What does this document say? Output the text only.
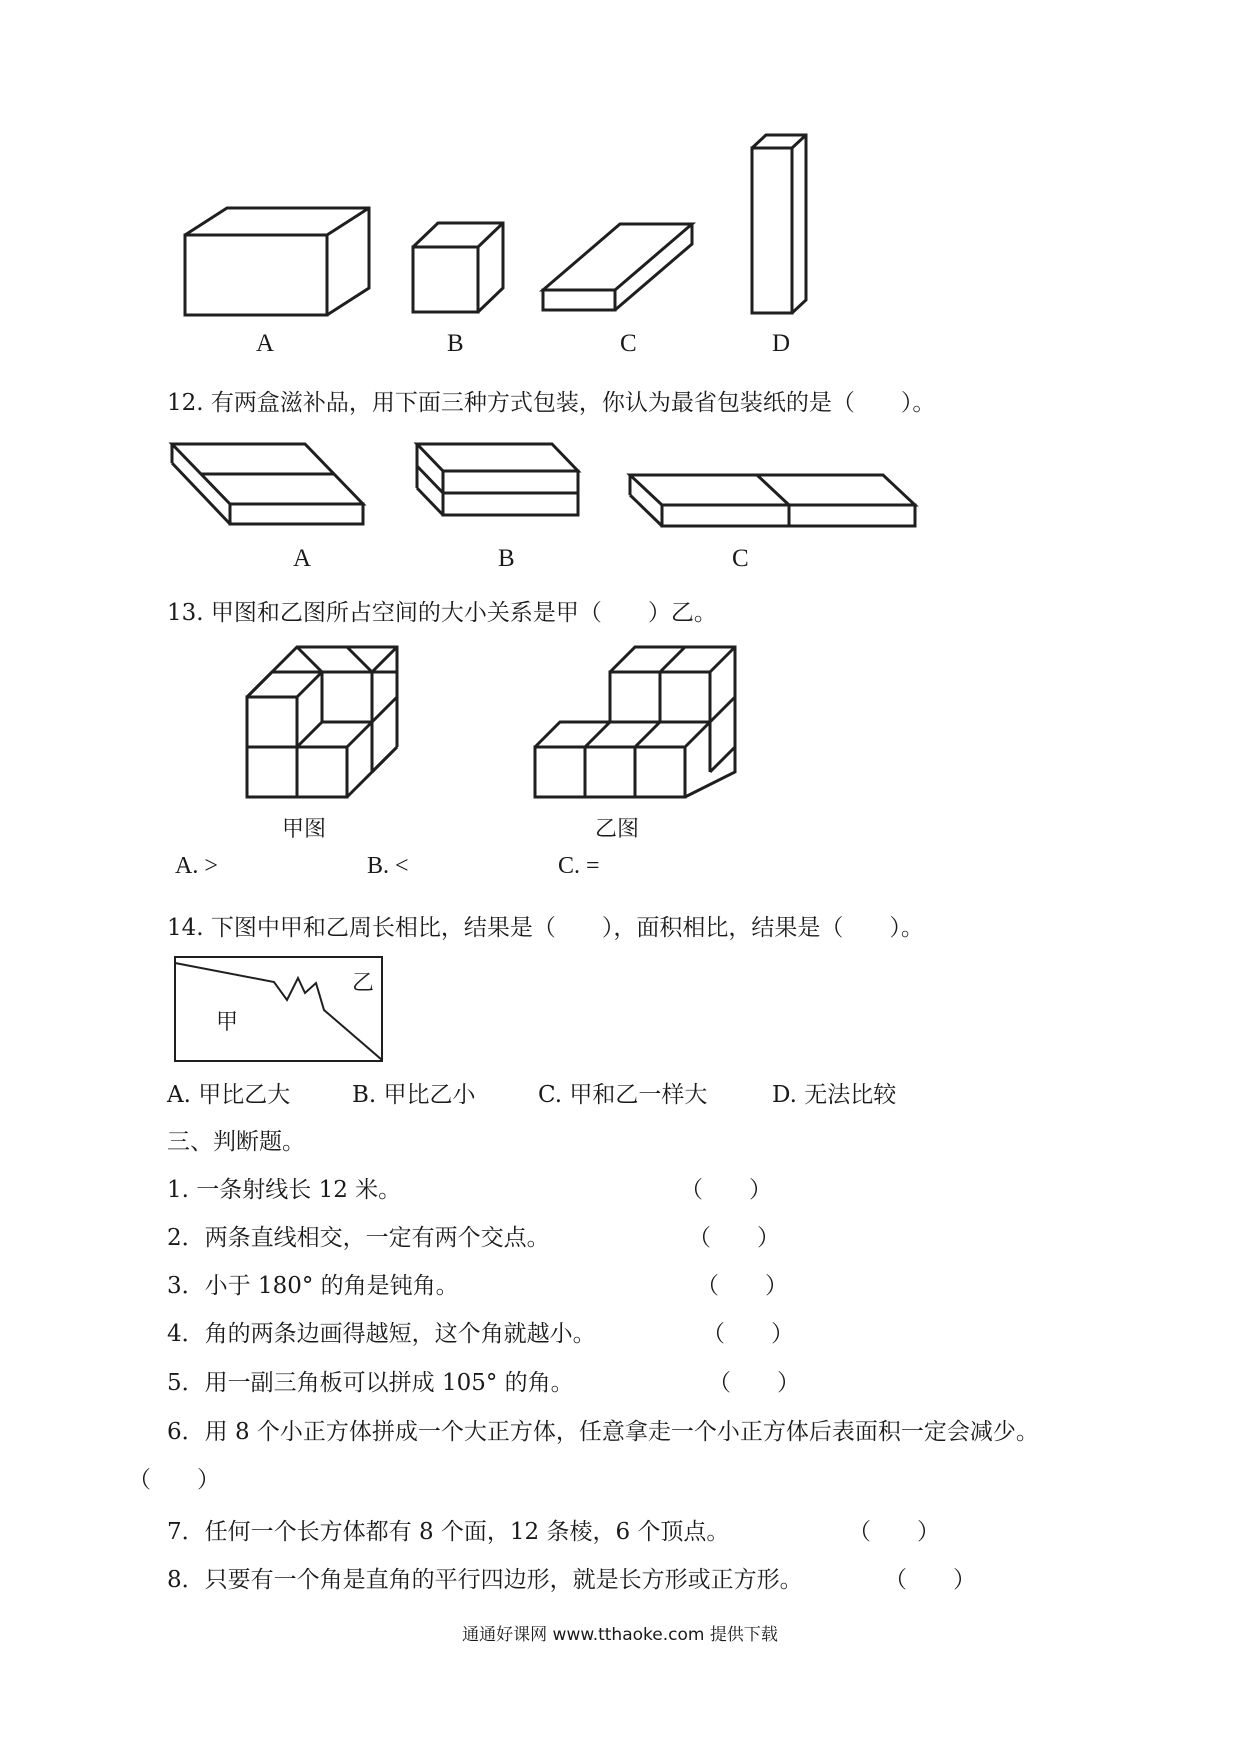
A	B	C	D
12. 有两盒滋补品，用下面三种方式包装，你认为最省包装纸的是（　　）。
A	B	C
13. 甲图和乙图所占空间的大小关系是甲（　　）乙。
甲图	乙图
A. >	B. <	C. =
14. 下图中甲和乙周长相比，结果是（　　），面积相比，结果是（　　）。
甲
乙
A. 甲比乙大	B. 甲比乙小	C. 甲和乙一样大	D. 无法比较
三、判断题。
1. 一条射线长 12 米。	（　　）
2．两条直线相交，一定有两个交点。	（　　）
3．小于 180° 的角是钝角。	（　　）
4．角的两条边画得越短，这个角就越小。	（　　）
5．用一副三角板可以拼成 105° 的角。	（　　）
6．用 8 个小正方体拼成一个大正方体，任意拿走一个小正方体后表面积一定会减少。
（　　）
7．任何一个长方体都有 8 个面，12 条棱，6 个顶点。	（　　）
8．只要有一个角是直角的平行四边形，就是长方形或正方形。	（　　）
通通好课网 www.tthaoke.com 提供下载
